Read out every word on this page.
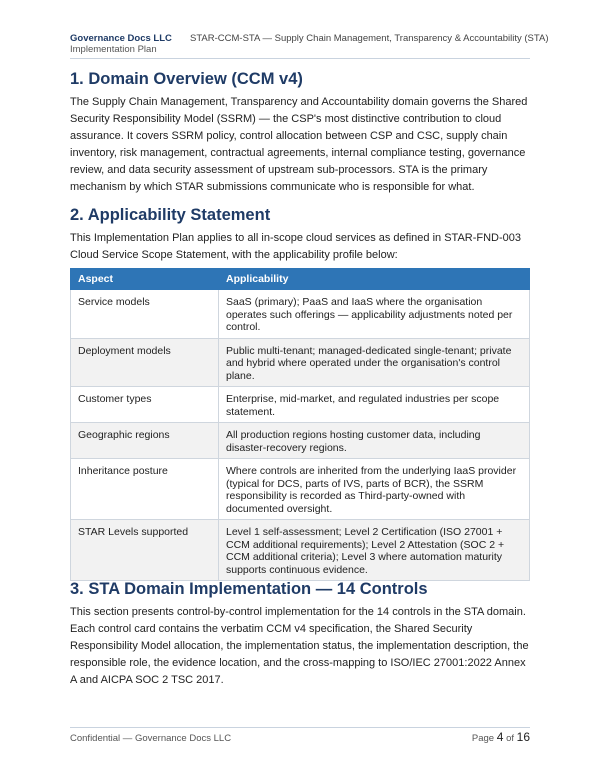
Governance Docs LLC
Implementation Plan
STAR-CCM-STA — Supply Chain Management, Transparency & Accountability (STA)
1. Domain Overview (CCM v4)
The Supply Chain Management, Transparency and Accountability domain governs the Shared Security Responsibility Model (SSRM) — the CSP's most distinctive contribution to cloud assurance. It covers SSRM policy, control allocation between CSP and CSC, supply chain inventory, risk management, contractual agreements, internal compliance testing, governance review, and data security assessment of upstream sub-processors. STA is the primary mechanism by which STAR submissions communicate who is responsible for what.
2. Applicability Statement
This Implementation Plan applies to all in-scope cloud services as defined in STAR-FND-003 Cloud Service Scope Statement, with the applicability profile below:
Aspect	Applicability
Service models	SaaS (primary); PaaS and IaaS where the organisation operates such offerings — applicability adjustments noted per control.
Deployment models	Public multi-tenant; managed-dedicated single-tenant; private and hybrid where operated under the organisation's control plane.
Customer types	Enterprise, mid-market, and regulated industries per scope statement.
Geographic regions	All production regions hosting customer data, including disaster-recovery regions.
Inheritance posture	Where controls are inherited from the underlying IaaS provider (typical for DCS, parts of IVS, parts of BCR), the SSRM responsibility is recorded as Third-party-owned with documented oversight.
STAR Levels supported	Level 1 self-assessment; Level 2 Certification (ISO 27001 + CCM additional requirements); Level 2 Attestation (SOC 2 + CCM additional criteria); Level 3 where automation maturity supports continuous evidence.
3. STA Domain Implementation — 14 Controls
This section presents control-by-control implementation for the 14 controls in the STA domain. Each control card contains the verbatim CCM v4 specification, the Shared Security Responsibility Model allocation, the implementation status, the implementation description, the responsible role, the evidence location, and the cross-mapping to ISO/IEC 27001:2022 Annex A and AICPA SOC 2 TSC 2017.
Confidential — Governance Docs LLC	Page 4 of 16
